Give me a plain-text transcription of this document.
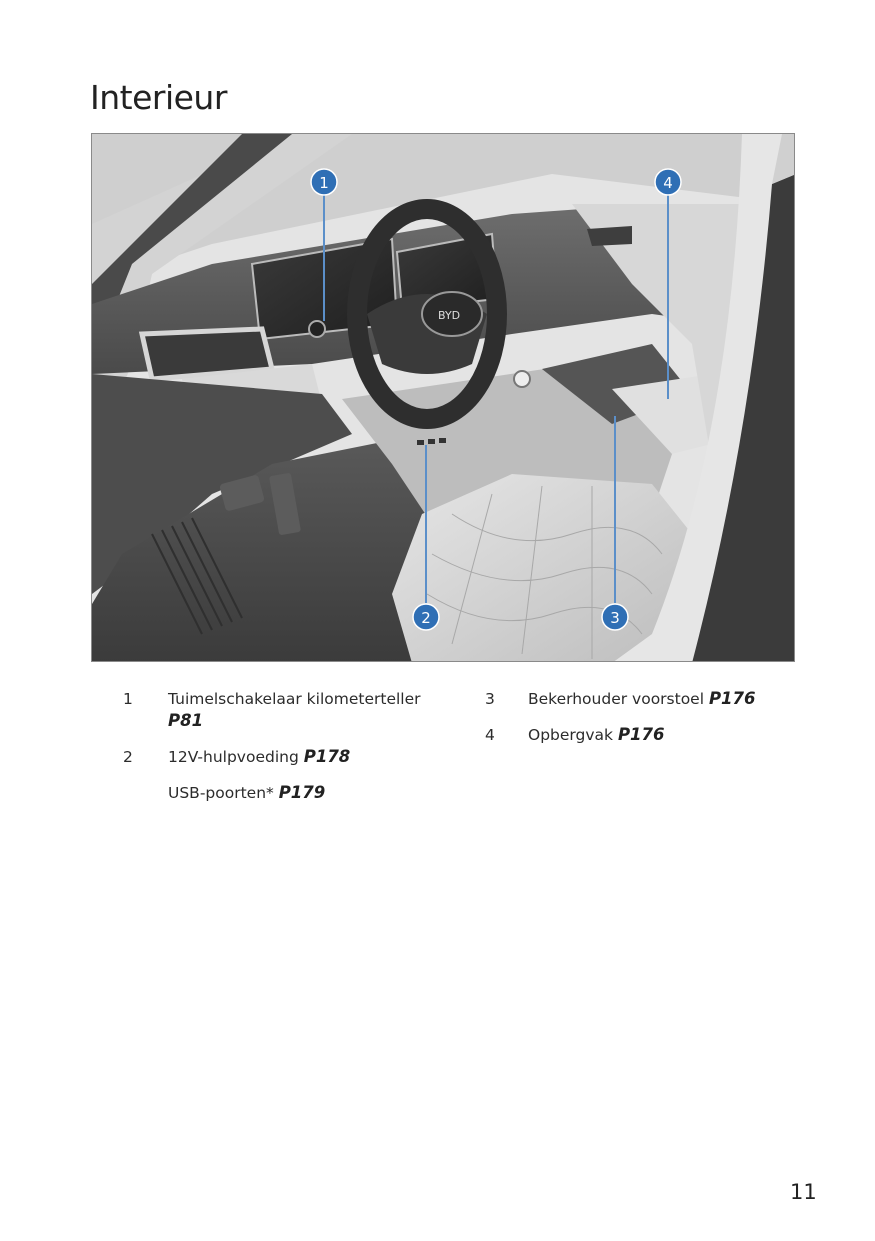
Interieur
BYD
1	4
2	3
1 Tuimelschakelaar kilometerteller
P81
2 12V-hulpvoeding P178
USB-poorten* P179
3 Bekerhouder voorstoel P176
4 Opbergvak P176
11
